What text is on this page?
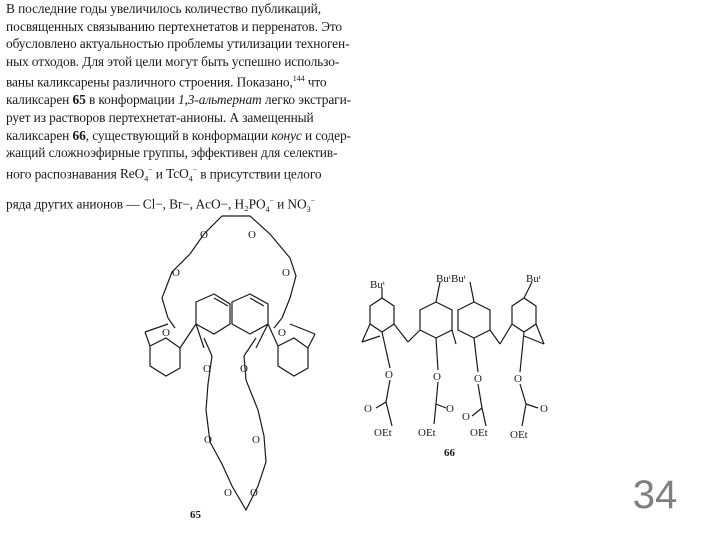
В последние годы увеличилось количество публикаций,
посвященных связыванию пертехнетатов и перренатов. Это
обусловлено актуальностью проблемы утилизации техноген-
ных отходов. Для этой цели могут быть успешно использо-
ваны каликсарены различного строения. Показано,$^{144}$ что
каликсарен 65 в конформации 1,3-альтернат легко экстраги-
рует из растворов пертехнетат-анионы. А замещенный
каликсарен 66, существующий в конформации конус и содер-
жащий сложноэфирные группы, эффективен для селектив-
ного распознавания ReO$_4$− и TcO$_4$− в присутствии целого
ряда других анионов — Cl−, Br−, AcO−, $H_2PO_4^-$ и $NO_3^-$
O
O	O
O
O	O
O	O
O	O
O O
65
Buᵗ	BuᵗBuᵗ	Buᵗ
O	O	O	O
O	O
O
O
OEt OEt	OEt OEt
66
34
